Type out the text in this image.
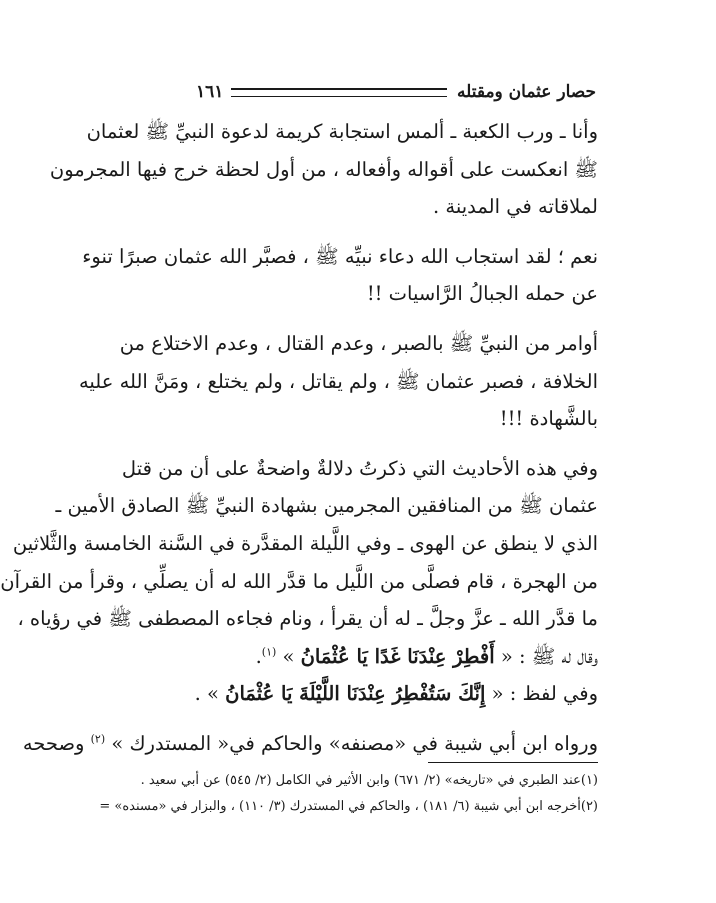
حصار عثمان ومقتله
١٦١
وأنا ـ ورب الكعبة ـ ألمس استجابة كريمة لدعوة النبيِّ ﷺ لعثمان
ﷺ انعكست على أقواله وأفعاله ، من أول لحظة خرج فيها المجرمون
لملاقاته في المدينة .
نعم ؛ لقد استجاب الله دعاء نبيِّه ﷺ ، فصبَّر الله عثمان صبرًا تنوء
عن حمله الجبالُ الرَّاسيات !!
أوامر من النبيِّ ﷺ بالصبر ، وعدم القتال ، وعدم الاختلاع من
الخلافة ، فصبر عثمان ﷺ ، ولم يقاتل ، ولم يختلع ، ومَنَّ الله عليه
بالشَّهادة !!!
وفي هذه الأحاديث التي ذكرتُ دلالةٌ واضحةٌ على أن من قتل
عثمان ﷺ من المنافقين المجرمين بشهادة النبيِّ ﷺ الصادق الأمين ـ
الذي لا ينطق عن الهوى ـ وفي اللَّيلة المقدَّرة في السَّنة الخامسة والثَّلاثين
من الهجرة ، قام فصلَّى من اللَّيل ما قدَّر الله له أن يصلِّي ، وقرأ من القرآن
ما قدَّر الله ـ عزَّ وجلَّ ـ له أن يقرأ ، ونام فجاءه المصطفى ﷺ في رؤياه ،
وقال له ﷺ : « أَفْطِرْ عِنْدَنَا غَدًا يَا عُثْمَانُ » $^{(١)}$.
وفي لفظ : « إِنَّكَ سَتُفْطِرُ عِنْدَنَا اللَّيْلَةَ يَا عُثْمَانُ » .
ورواه ابن أبي شيبة في «مصنفه» والحاكم في« المستدرك » $^{(٢)}$ وصححه
(١)عند الطبري في «تاريخه» (٢/ ٦٧١) وابن الأثير في الكامل (٢/ ٥٤٥) عن أبي سعيد .
(٢)أخرجه ابن أبي شيبة (٦/ ١٨١) ، والحاكم في المستدرك (٣/ ١١٠) ، والبزار في «مسنده» =
